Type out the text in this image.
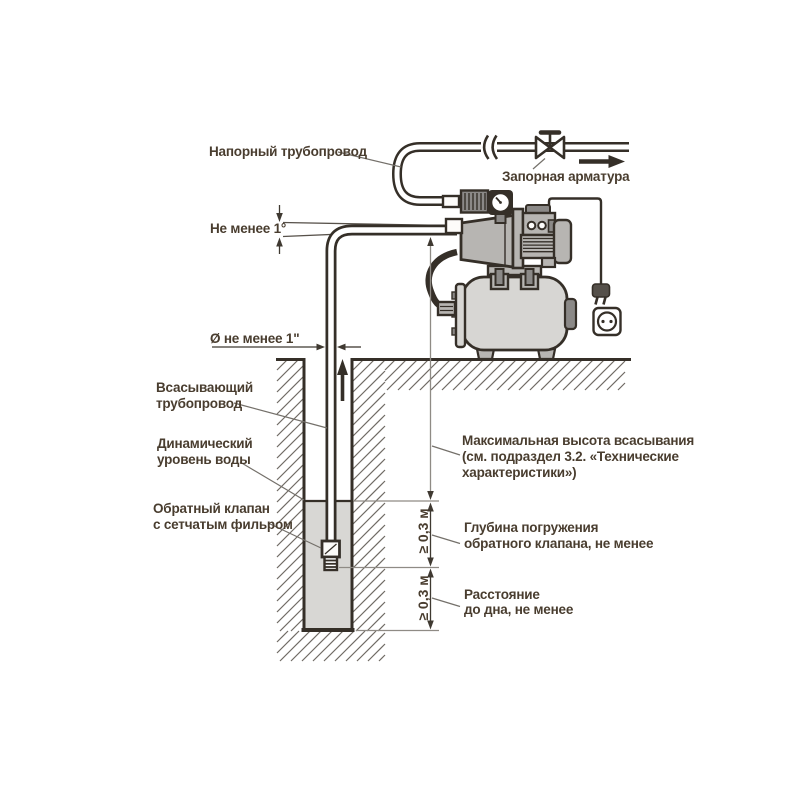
Напорный трубопровод
Запорная арматура
Не менее 1°
Ø не менее 1"
Всасывающий
трубопровод
Динамический
уровень воды
Обратный клапан
с сетчатым фильром
Максимальная высота всасывания
(см. подраздел 3.2. «Технические
характеристики»)
Глубина погружения
обратного клапана, не менее
Расстояние
до дна, не менее
≥ 0,3 м
≥ 0,3 м
